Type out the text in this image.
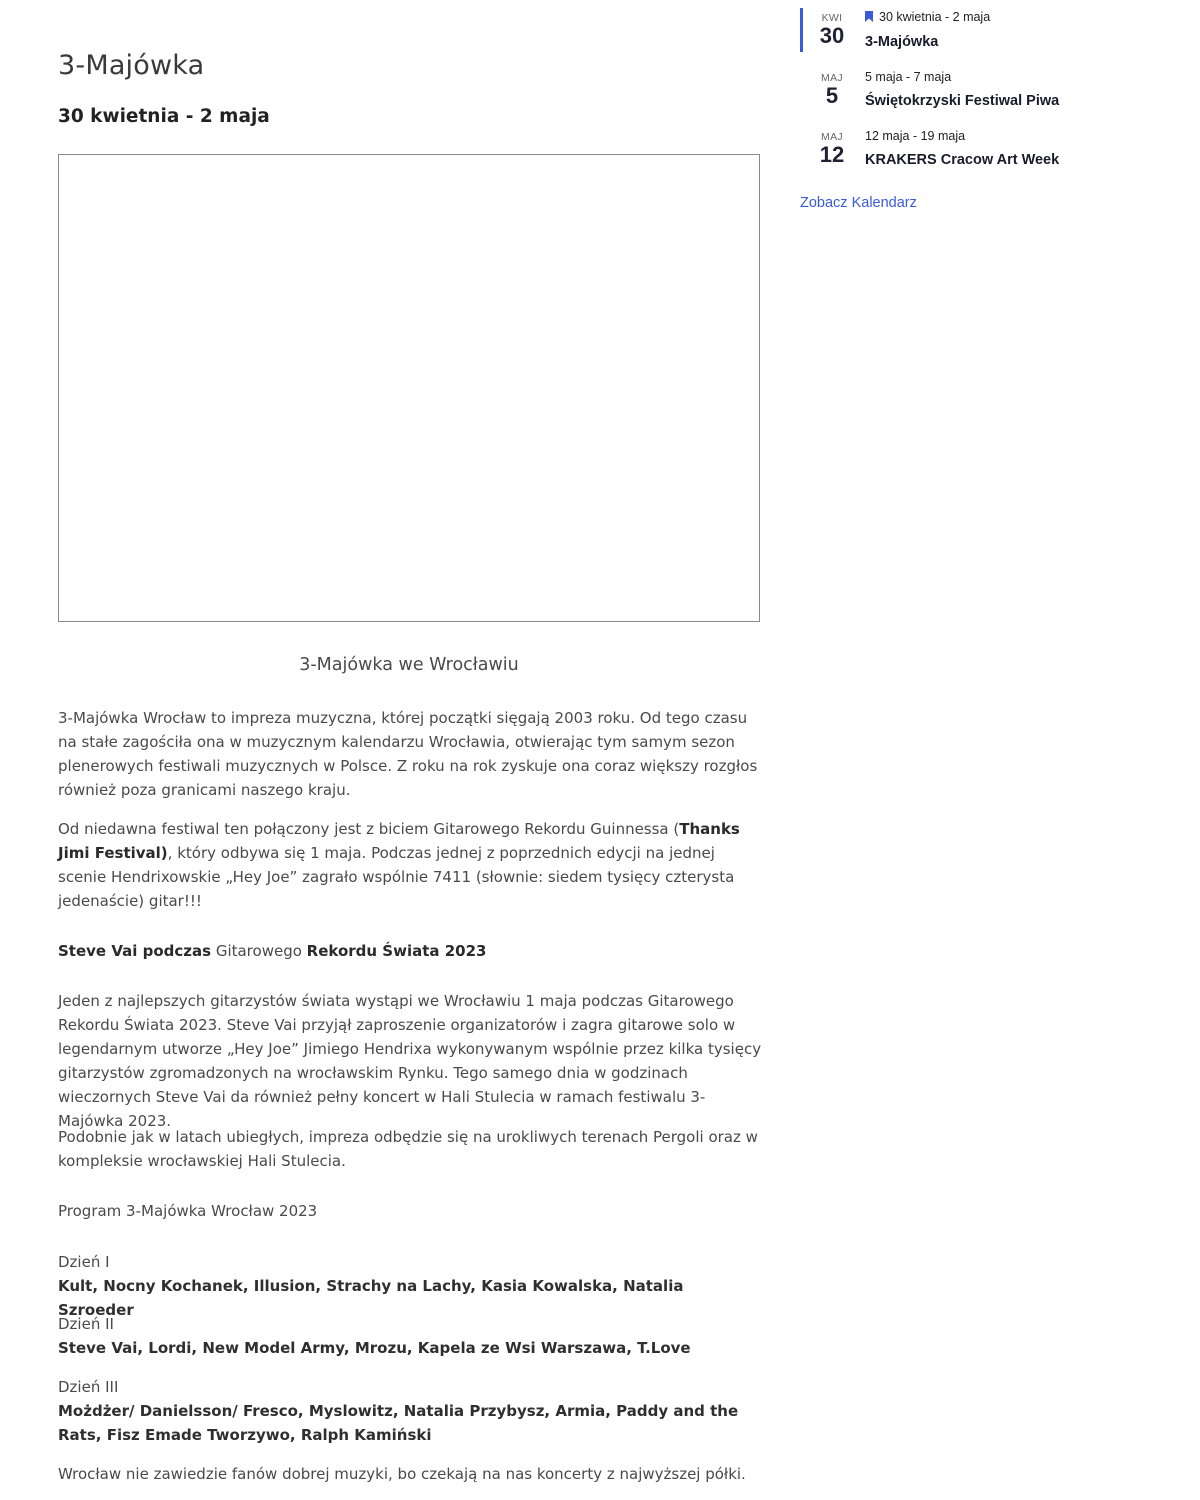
3-Majówka
30 kwietnia - 2 maja

3-Majówka we Wrocławiu

3-Majówka Wrocław to impreza muzyczna, której początki sięgają 2003 roku. Od tego czasu na stałe zagościła ona w muzycznym kalendarzu Wrocławia, otwierając tym samym sezon plenerowych festiwali muzycznych w Polsce. Z roku na rok zyskuje ona coraz większy rozgłos również poza granicami naszego kraju.

Od niedawna festiwal ten połączony jest z biciem Gitarowego Rekordu Guinnessa (Thanks Jimi Festival), który odbywa się 1 maja. Podczas jednej z poprzednich edycji na jednej scenie Hendrixowskie „Hey Joe” zagrało wspólnie 7411 (słownie: siedem tysięcy czterysta jedenaście) gitar!!!

Steve Vai podczas Gitarowego Rekordu Świata 2023

Jeden z najlepszych gitarzystów świata wystąpi we Wrocławiu 1 maja podczas Gitarowego Rekordu Świata 2023. Steve Vai przyjął zaproszenie organizatorów i zagra gitarowe solo w legendarnym utworze „Hey Joe” Jimiego Hendrixa wykonywanym wspólnie przez kilka tysięcy gitarzystów zgromadzonych na wrocławskim Rynku. Tego samego dnia w godzinach wieczornych Steve Vai da również pełny koncert w Hali Stulecia w ramach festiwalu 3-Majówka 2023.

Podobnie jak w latach ubiegłych, impreza odbędzie się na urokliwych terenach Pergoli oraz w kompleksie wrocławskiej Hali Stulecia.

Program 3-Majówka Wrocław 2023

Dzień I
Kult, Nocny Kochanek, Illusion, Strachy na Lachy, Kasia Kowalska, Natalia Szroeder
Dzień II
Steve Vai, Lordi, New Model Army, Mrozu, Kapela ze Wsi Warszawa, T.Love
Dzień III
Możdżer/ Danielsson/ Fresco, Myslowitz, Natalia Przybysz, Armia, Paddy and the Rats, Fisz Emade Tworzywo, Ralph Kamiński

Wrocław nie zawiedzie fanów dobrej muzyki, bo czekają na nas koncerty z najwyższej półki.

KWI
30
30 kwietnia - 2 maja
3-Majówka
MAJ
5
5 maja - 7 maja
Świętokrzyski Festiwal Piwa
MAJ
12
12 maja - 19 maja
KRAKERS Cracow Art Week
Zobacz Kalendarz
